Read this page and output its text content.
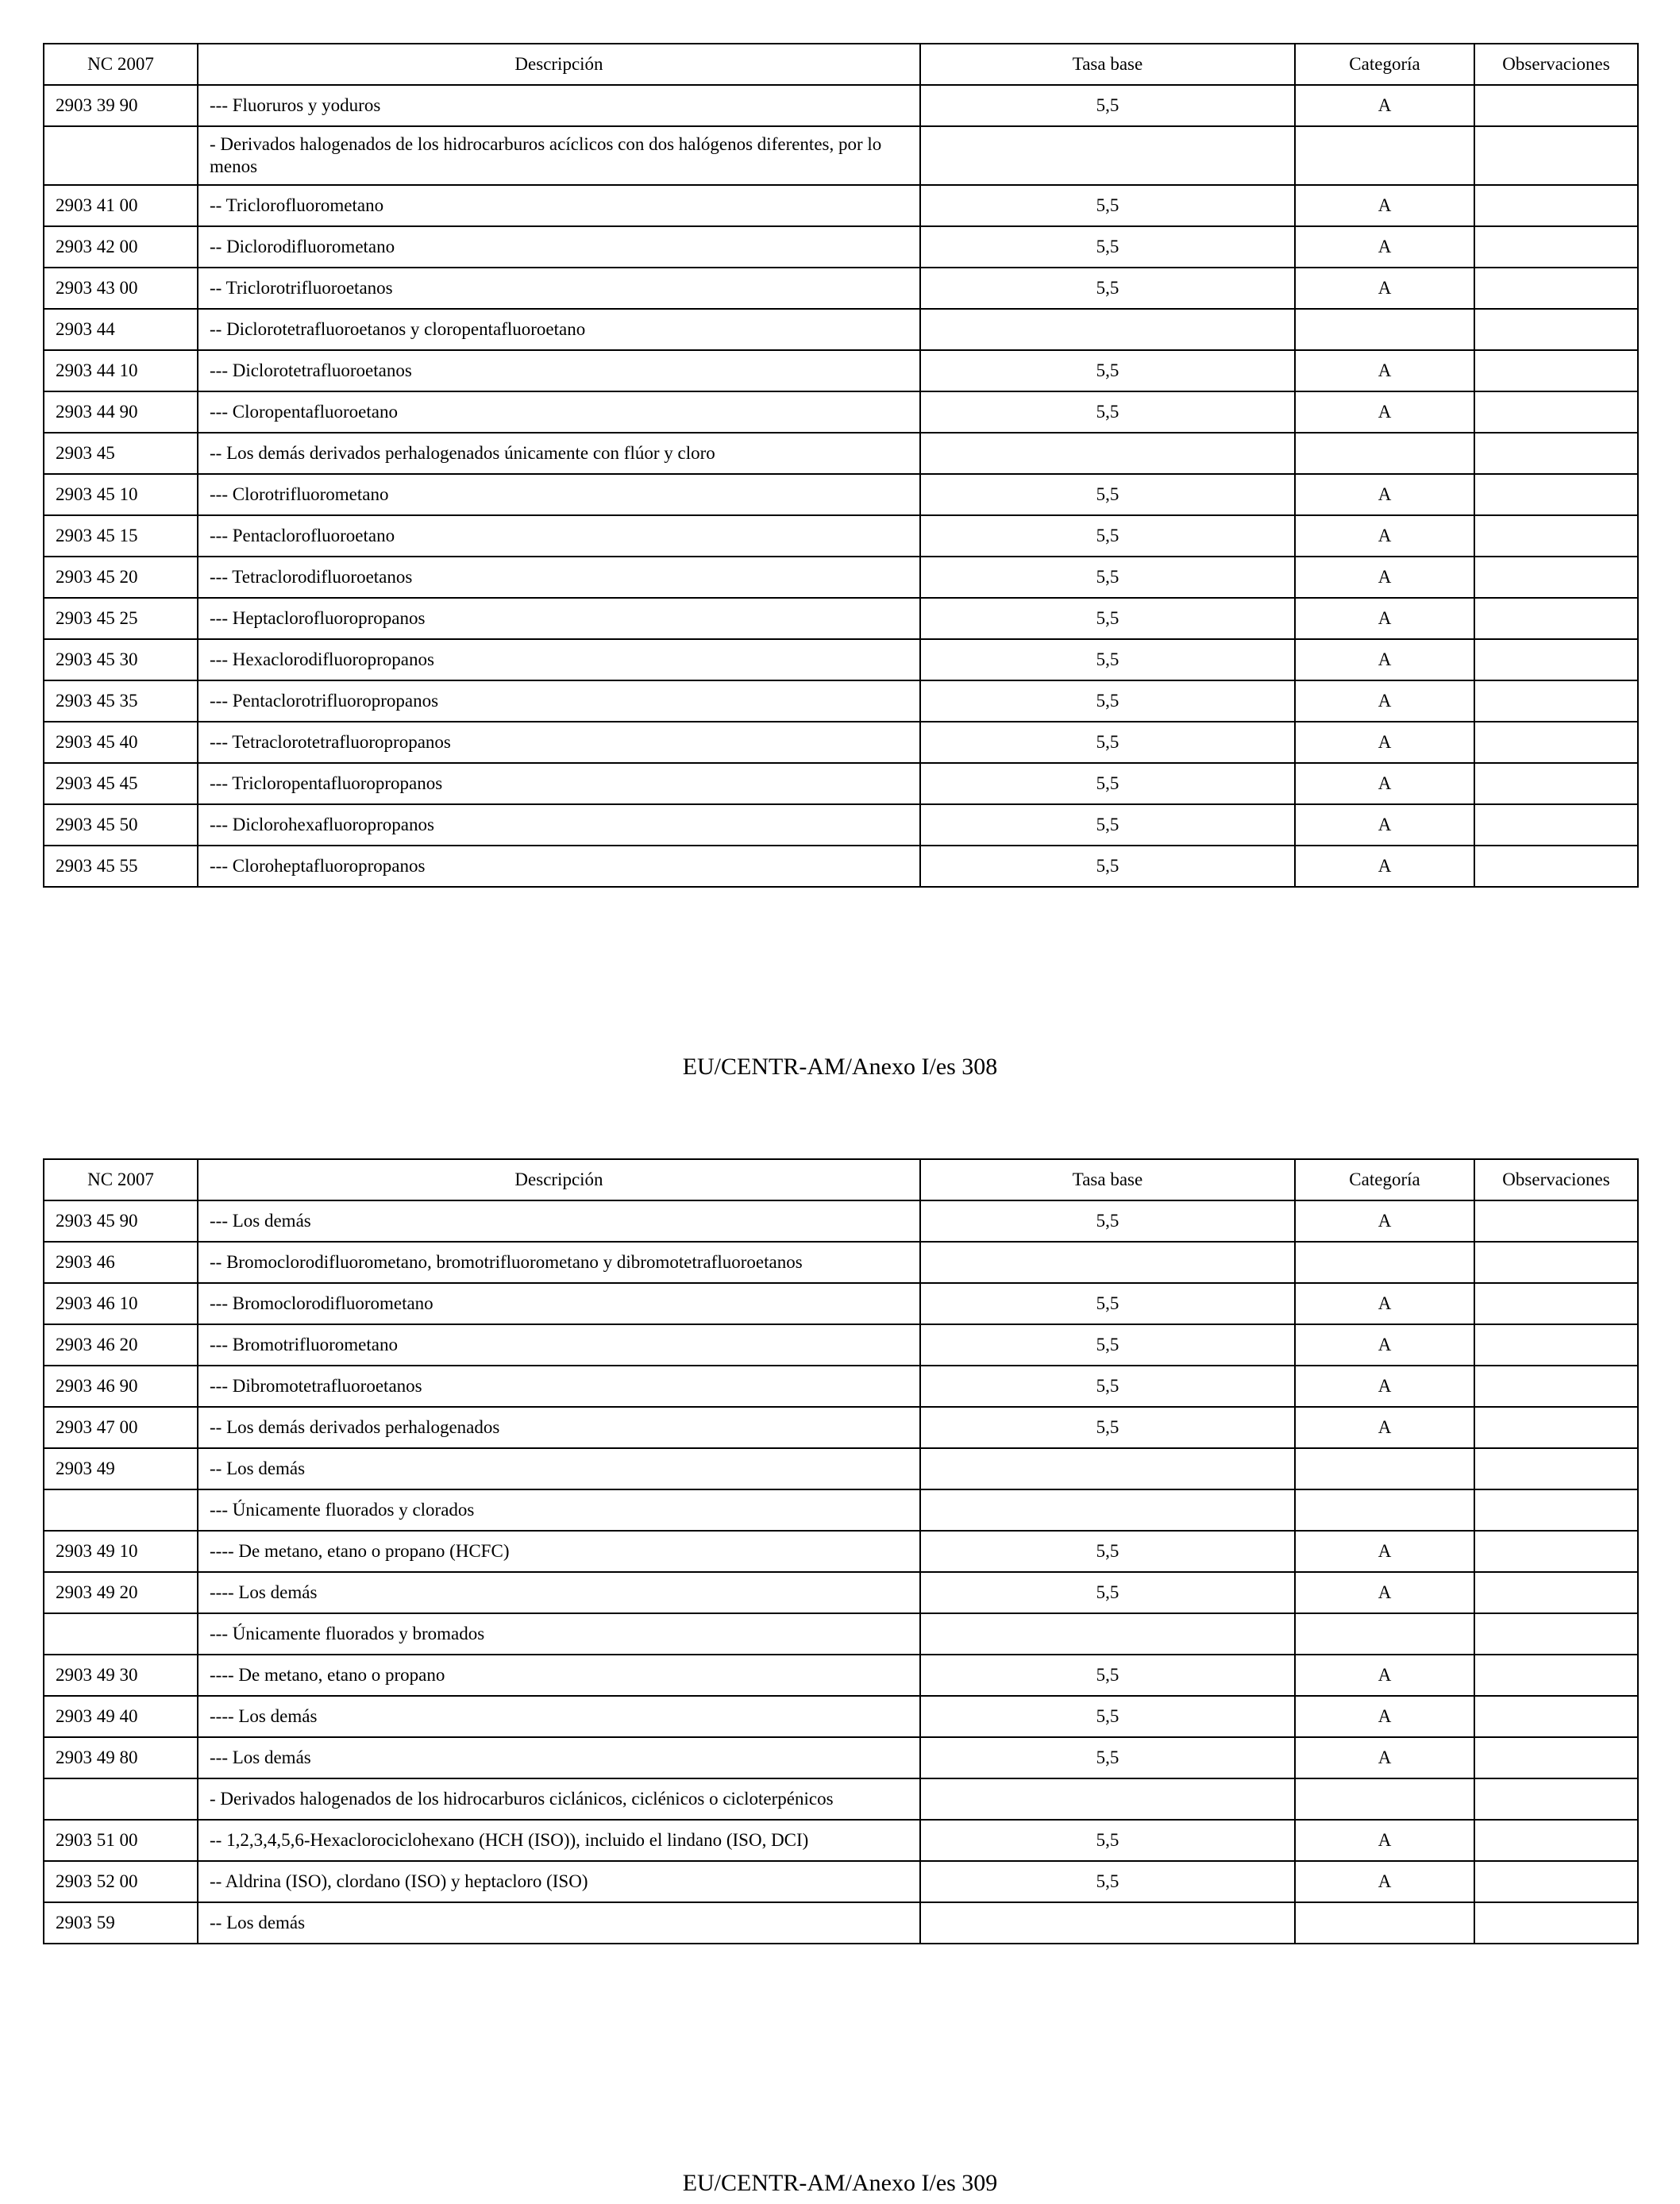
NC 2007	Descripción	Tasa base	Categoría	Observaciones
2903 39 90	--- Fluoruros y yoduros	5,5	A	
	- Derivados halogenados de los hidrocarburos acíclicos con dos halógenos diferentes, por lo menos			
2903 41 00	-- Triclorofluorometano	5,5	A	
2903 42 00	-- Diclorodifluorometano	5,5	A	
2903 43 00	-- Triclorotrifluoroetanos	5,5	A	
2903 44	-- Diclorotetrafluoroetanos y cloropentafluoroetano			
2903 44 10	--- Diclorotetrafluoroetanos	5,5	A	
2903 44 90	--- Cloropentafluoroetano	5,5	A	
2903 45	-- Los demás derivados perhalogenados únicamente con flúor y cloro			
2903 45 10	--- Clorotrifluorometano	5,5	A	
2903 45 15	--- Pentaclorofluoroetano	5,5	A	
2903 45 20	--- Tetraclorodifluoroetanos	5,5	A	
2903 45 25	--- Heptaclorofluoropropanos	5,5	A	
2903 45 30	--- Hexaclorodifluoropropanos	5,5	A	
2903 45 35	--- Pentaclorotrifluoropropanos	5,5	A	
2903 45 40	--- Tetraclorotetrafluoropropanos	5,5	A	
2903 45 45	--- Tricloropentafluoropropanos	5,5	A	
2903 45 50	--- Diclorohexafluoropropanos	5,5	A	
2903 45 55	--- Cloroheptafluoropropanos	5,5	A	
EU/CENTR-AM/Anexo I/es 308
NC 2007	Descripción	Tasa base	Categoría	Observaciones
2903 45 90	--- Los demás	5,5	A	
2903 46	-- Bromoclorodifluorometano, bromotrifluorometano y dibromotetrafluoroetanos			
2903 46 10	--- Bromoclorodifluorometano	5,5	A	
2903 46 20	--- Bromotrifluorometano	5,5	A	
2903 46 90	--- Dibromotetrafluoroetanos	5,5	A	
2903 47 00	-- Los demás derivados perhalogenados	5,5	A	
2903 49	-- Los demás			
	--- Únicamente fluorados y clorados			
2903 49 10	---- De metano, etano o propano (HCFC)	5,5	A	
2903 49 20	---- Los demás	5,5	A	
	--- Únicamente fluorados y bromados			
2903 49 30	---- De metano, etano o propano	5,5	A	
2903 49 40	---- Los demás	5,5	A	
2903 49 80	--- Los demás	5,5	A	
	- Derivados halogenados de los hidrocarburos ciclánicos, ciclénicos o cicloterpénicos			
2903 51 00	-- 1,2,3,4,5,6-Hexaclorociclohexano (HCH (ISO)), incluido el lindano (ISO, DCI)	5,5	A	
2903 52 00	-- Aldrina (ISO), clordano (ISO) y heptacloro (ISO)	5,5	A	
2903 59	-- Los demás			
EU/CENTR-AM/Anexo I/es 309
